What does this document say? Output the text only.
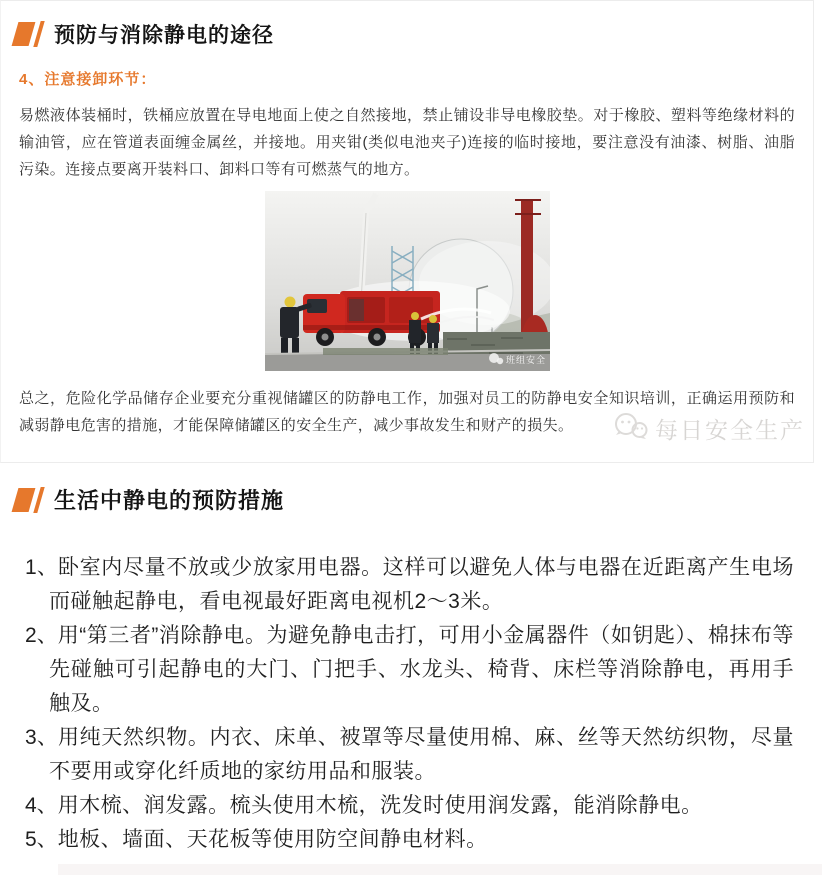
预防与消除静电的途径
4、注意接卸环节：

易燃液体装桶时，铁桶应放置在导电地面上使之自然接地，禁止铺设非导电橡胶垫。对于橡胶、塑料等绝缘材料的输油管，应在管道表面缠金属丝，并接地。用夹钳(类似电池夹子)连接的临时接地，要注意没有油漆、树脂、油脂污染。连接点要离开装料口、卸料口等有可燃蒸气的地方。

班组安全

总之，危险化学品储存企业要充分重视储罐区的防静电工作，加强对员工的防静电安全知识培训，正确运用预防和减弱静电危害的措施，才能保障储罐区的安全生产，减少事故发生和财产的损失。	每日安全生产
生活中静电的预防措施
1、卧室内尽量不放或少放家用电器。这样可以避免人体与电器在近距离产生电场而碰触起静电，看电视最好距离电视机2～3米。
2、用“第三者”消除静电。为避免静电击打，可用小金属器件（如钥匙）、棉抹布等先碰触可引起静电的大门、门把手、水龙头、椅背、床栏等消除静电，再用手触及。
3、用纯天然织物。内衣、床单、被罩等尽量使用棉、麻、丝等天然纺织物，尽量不要用或穿化纤质地的家纺用品和服装。
4、用木梳、润发露。梳头使用木梳，洗发时使用润发露，能消除静电。
5、地板、墙面、天花板等使用防空间静电材料。
